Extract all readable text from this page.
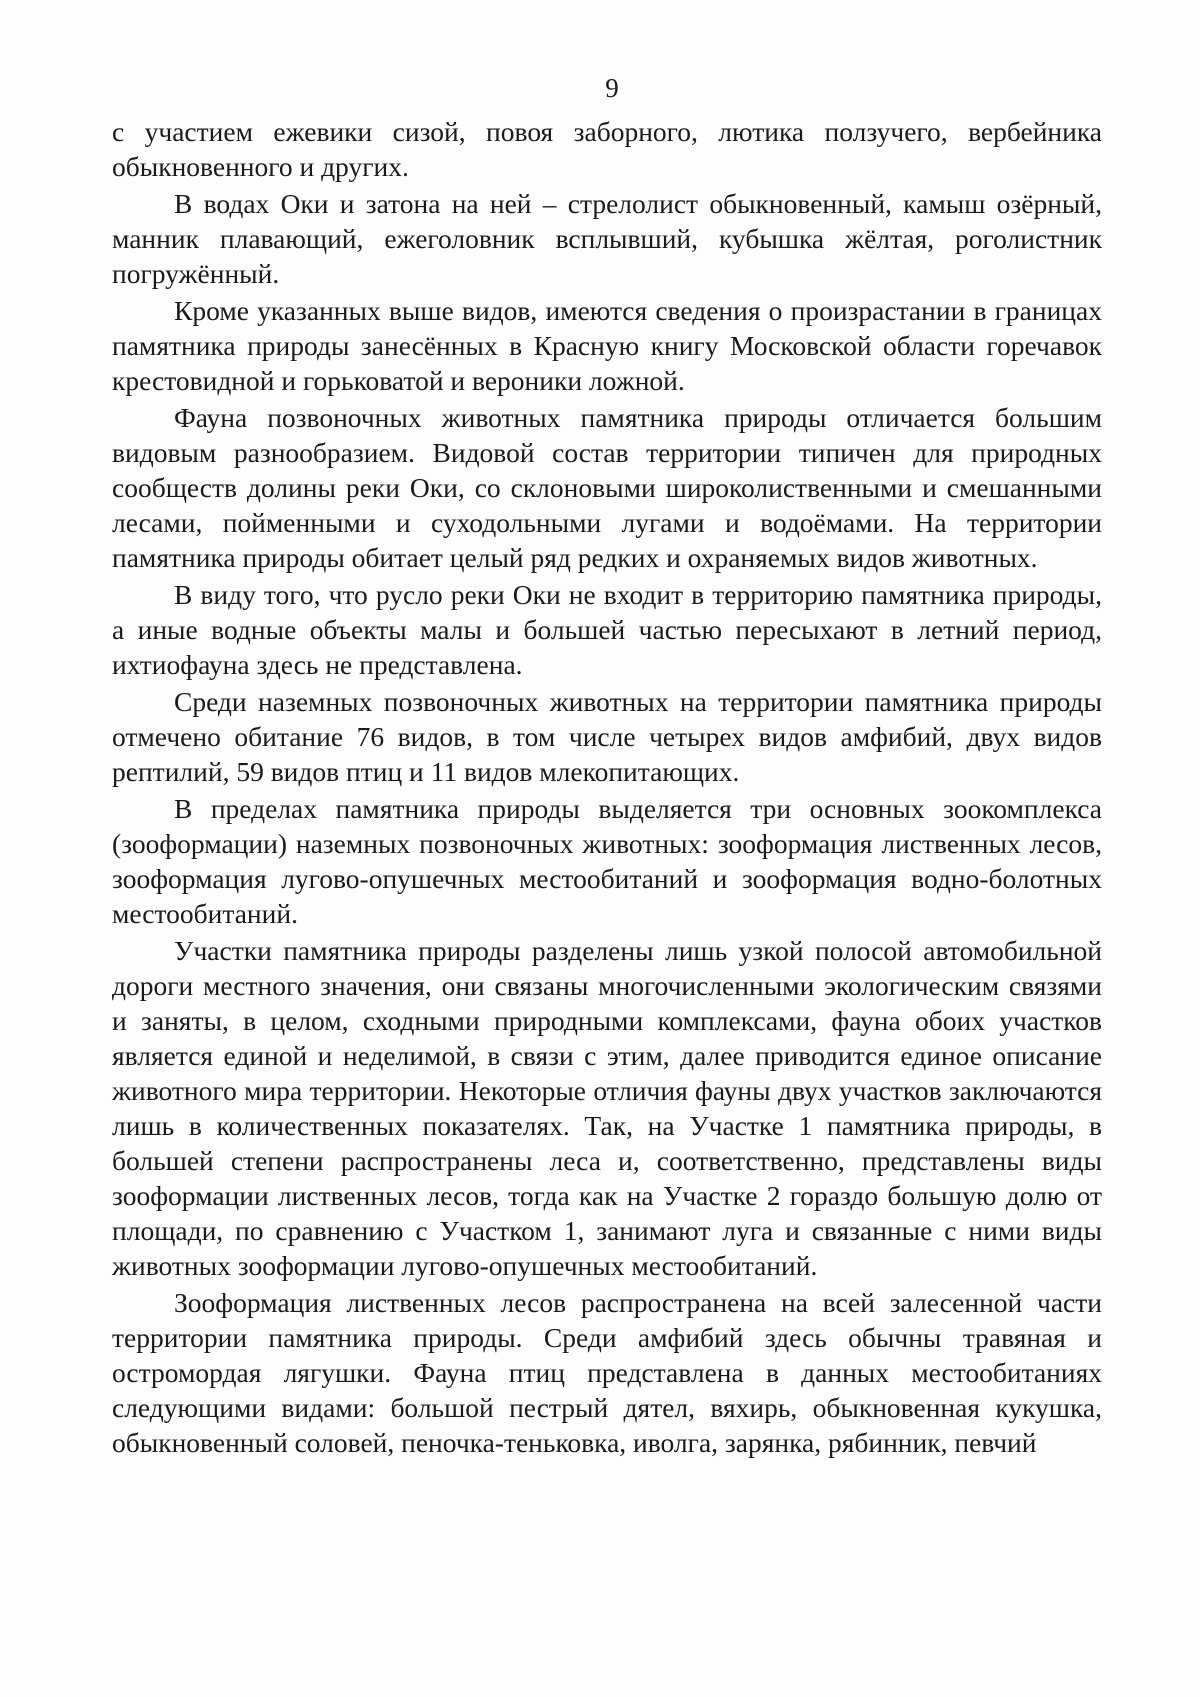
9

с участием ежевики сизой, повоя заборного, лютика ползучего, вербейника обыкновенного и других.

В водах Оки и затона на ней – стрелолист обыкновенный, камыш озёрный, манник плавающий, ежеголовник всплывший, кубышка жёлтая, роголистник погружённый.

Кроме указанных выше видов, имеются сведения о произрастании в границах памятника природы занесённых в Красную книгу Московской области горечавок крестовидной и горьковатой и вероники ложной.

Фауна позвоночных животных памятника природы отличается большим видовым разнообразием. Видовой состав территории типичен для природных сообществ долины реки Оки, со склоновыми широколиственными и смешанными лесами, пойменными и суходольными лугами и водоёмами. На территории памятника природы обитает целый ряд редких и охраняемых видов животных.

В виду того, что русло реки Оки не входит в территорию памятника природы, а иные водные объекты малы и большей частью пересыхают в летний период, ихтиофауна здесь не представлена.

Среди наземных позвоночных животных на территории памятника природы отмечено обитание 76 видов, в том числе четырех видов амфибий, двух видов рептилий, 59 видов птиц и 11 видов млекопитающих.

В пределах памятника природы выделяется три основных зоокомплекса (зооформации) наземных позвоночных животных: зооформация лиственных лесов, зооформация лугово-опушечных местообитаний и зооформация водно-болотных местообитаний.

Участки памятника природы разделены лишь узкой полосой автомобильной дороги местного значения, они связаны многочисленными экологическим связями и заняты, в целом, сходными природными комплексами, фауна обоих участков является единой и неделимой, в связи с этим, далее приводится единое описание животного мира территории. Некоторые отличия фауны двух участков заключаются лишь в количественных показателях. Так, на Участке 1 памятника природы, в большей степени распространены леса и, соответственно, представлены виды зооформации лиственных лесов, тогда как на Участке 2 гораздо большую долю от площади, по сравнению с Участком 1, занимают луга и связанные с ними виды животных зооформации лугово-опушечных местообитаний.

Зооформация лиственных лесов распространена на всей залесенной части территории памятника природы. Среди амфибий здесь обычны травяная и остромордая лягушки. Фауна птиц представлена в данных местообитаниях следующими видами: большой пестрый дятел, вяхирь, обыкновенная кукушка, обыкновенный соловей, пеночка-теньковка, иволга, зарянка, рябинник, певчий
